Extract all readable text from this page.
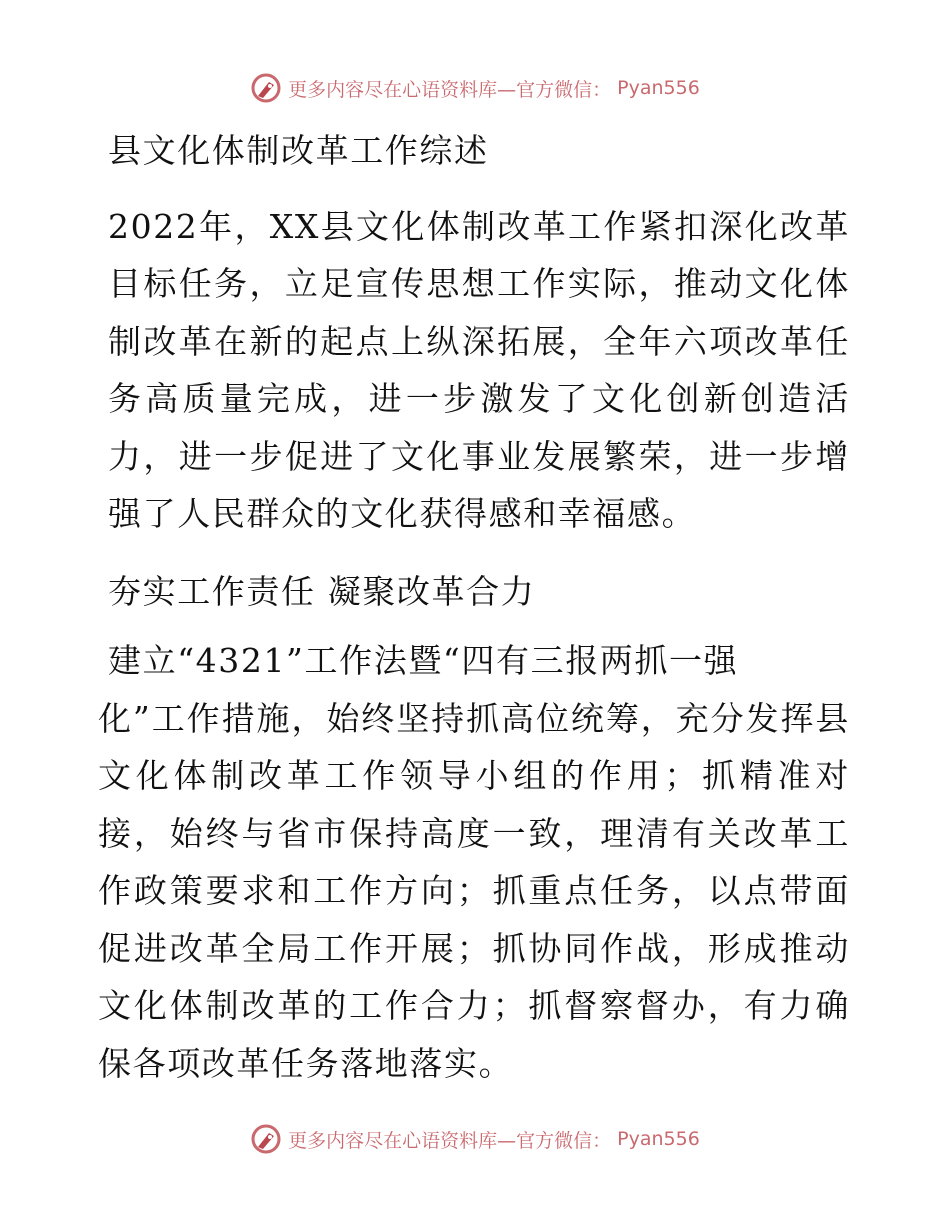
更多内容尽在心语资料库—官方微信： Pyan556

县文化体制改革工作综述

2022年，XX县文化体制改革工作紧扣深化改革目标任务，立足宣传思想工作实际，推动文化体制改革在新的起点上纵深拓展，全年六项改革任务高质量完成，进一步激发了文化创新创造活力，进一步促进了文化事业发展繁荣，进一步增强了人民群众的文化获得感和幸福感。

夯实工作责任 凝聚改革合力

建立“4321”工作法暨“四有三报两抓一强

化”工作措施，始终坚持抓高位统筹，充分发挥县文化体制改革工作领导小组的作用；抓精准对接，始终与省市保持高度一致，理清有关改革工作政策要求和工作方向；抓重点任务，以点带面促进改革全局工作开展；抓协同作战，形成推动文化体制改革的工作合力；抓督察督办，有力确保各项改革任务落地落实。

更多内容尽在心语资料库—官方微信： Pyan556
